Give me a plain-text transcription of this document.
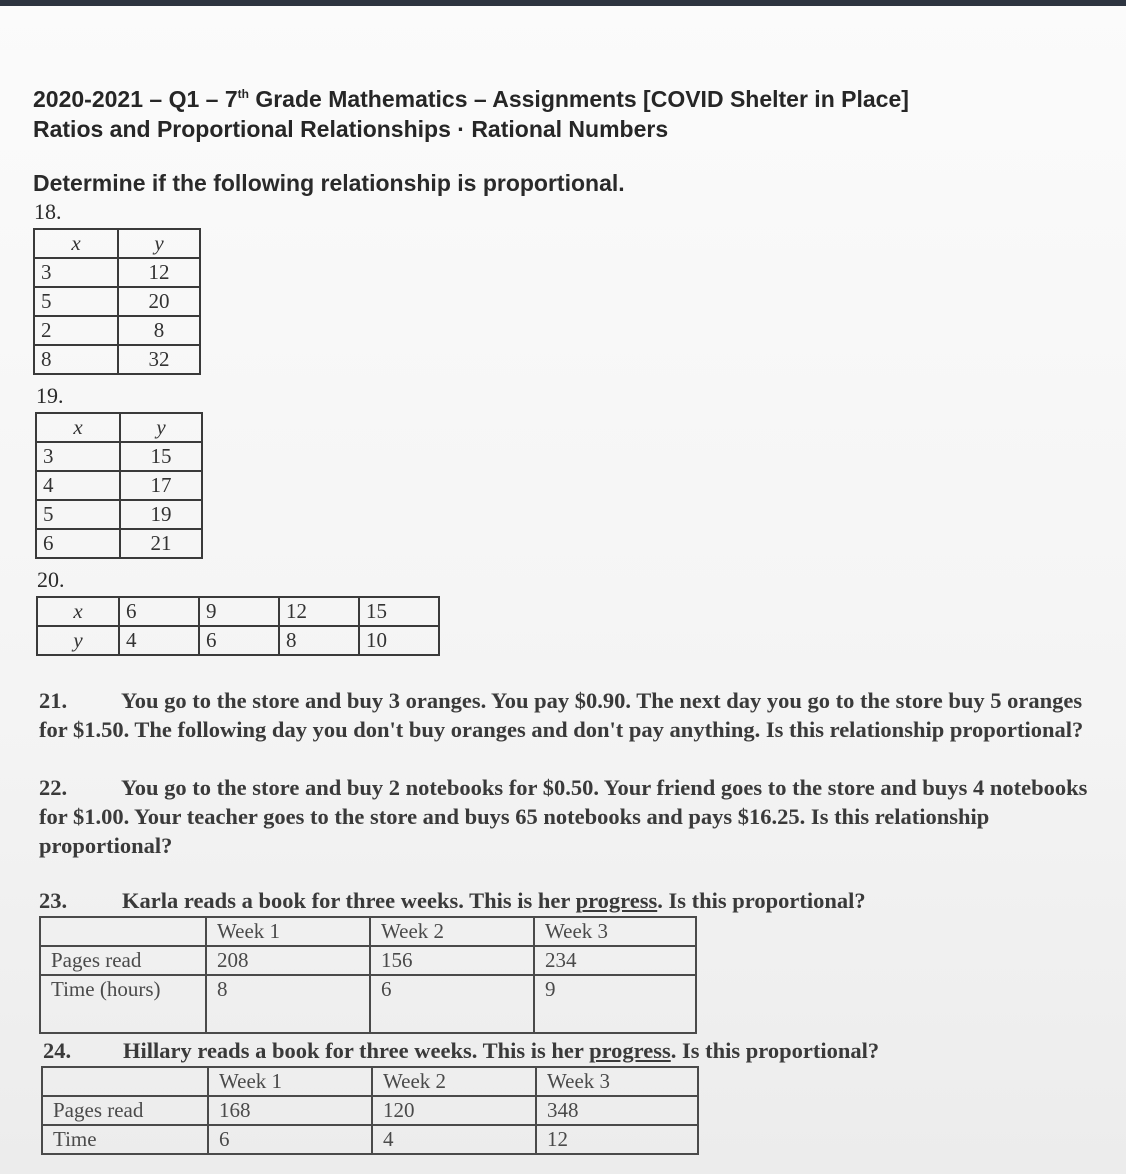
2020-2021 – Q1 – 7th Grade Mathematics – Assignments [COVID Shelter in Place]
Ratios and Proportional Relationships · Rational Numbers
Determine if the following relationship is proportional.
18.
x	y
3	12
5	20
2	8
8	32
19.
x	y
3	15
4	17
5	19
6	21
20.
x	6	9	12	15
y	4	6	8	10
21. You go to the store and buy 3 oranges. You pay $0.90. The next day you go to the store buy 5 oranges for $1.50. The following day you don't buy oranges and don't pay anything. Is this relationship proportional?
22. You go to the store and buy 2 notebooks for $0.50. Your friend goes to the store and buys 4 notebooks for $1.00. Your teacher goes to the store and buys 65 notebooks and pays $16.25. Is this relationship proportional?
23. Karla reads a book for three weeks. This is her progress. Is this proportional?
	Week 1	Week 2	Week 3
Pages read	208	156	234
Time (hours)	8	6	9
24. Hillary reads a book for three weeks. This is her progress. Is this proportional?
	Week 1	Week 2	Week 3
Pages read	168	120	348
Time	6	4	12
